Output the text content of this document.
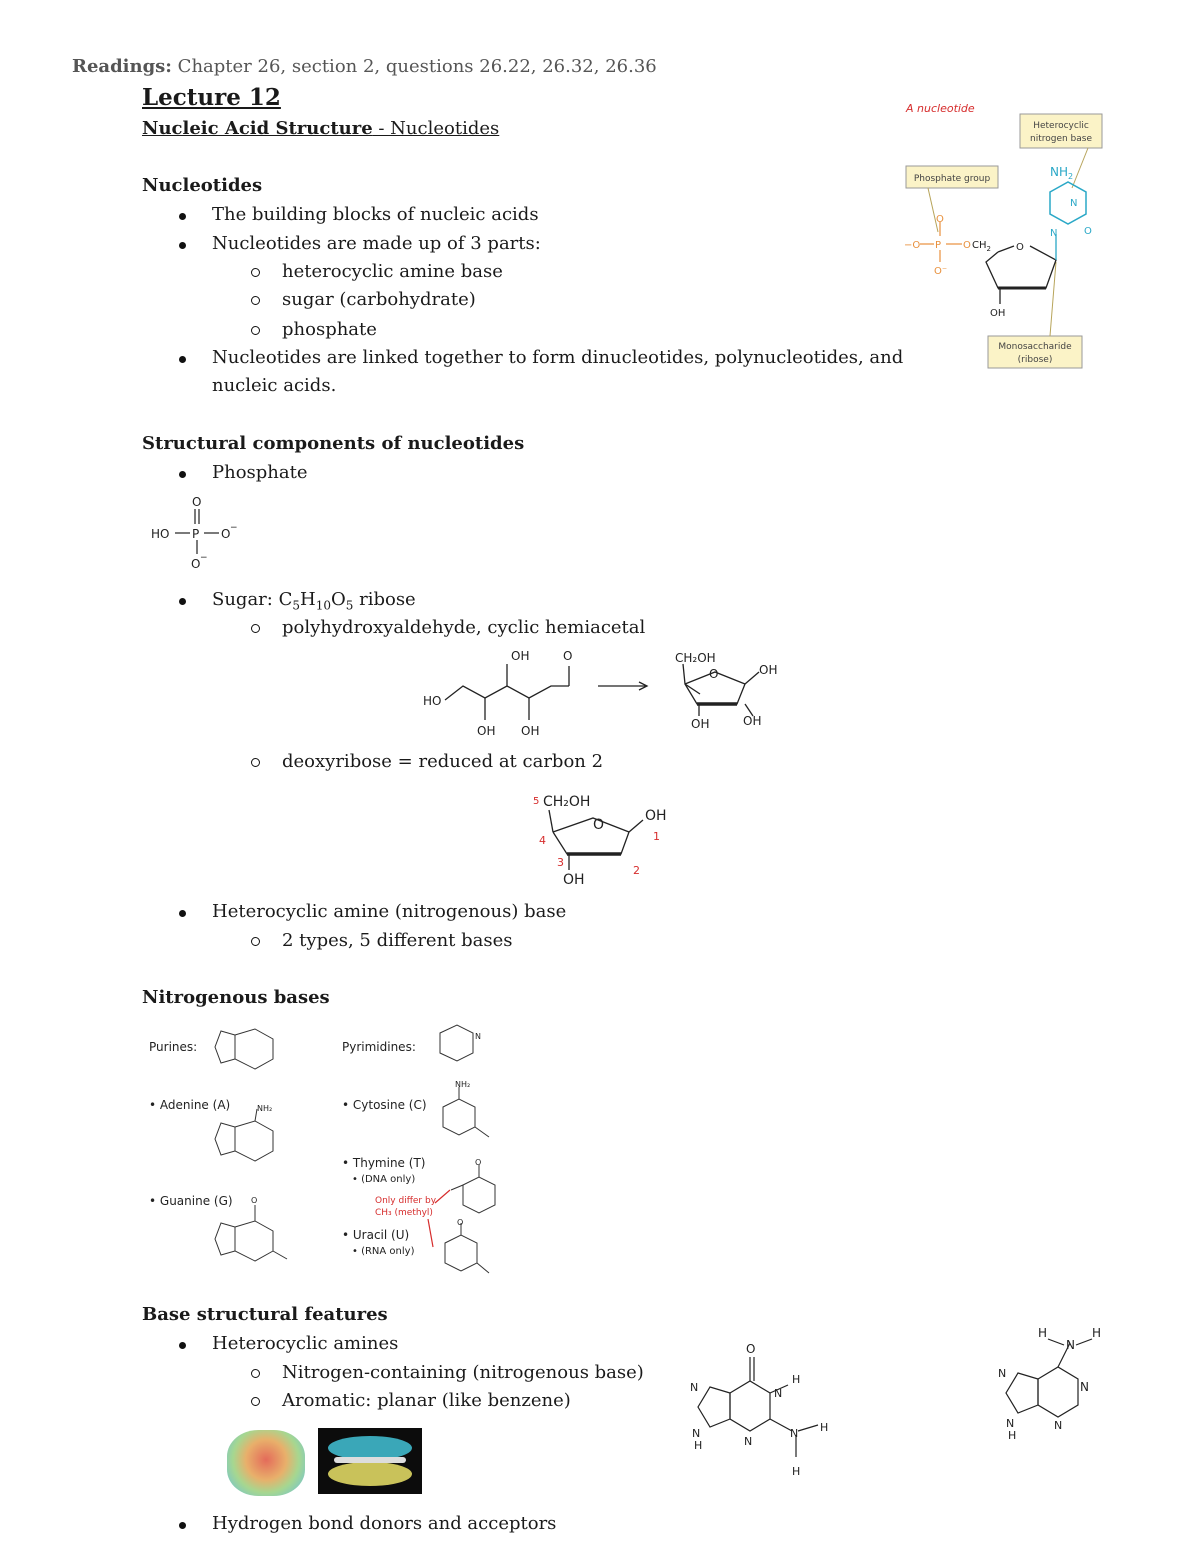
Readings: Chapter 26, section 2, questions 26.22, 26.32, 26.36
Lecture 12
Nucleic Acid Structure - Nucleotides
Nucleotides
The building blocks of nucleic acids
Nucleotides are made up of 3 parts:
heterocyclic amine base
sugar (carbohydrate)
phosphate
Nucleotides are linked together to form dinucleotides, polynucleotides, and
nucleic acids.
A nucleotide
Heterocyclic
nitrogen base
Phosphate group
Monosaccharide
(ribose)
$NH_2$
N
N	O
O
−O P
O⁻
O $CH_2$	O
OH
Structural components of nucleotides
Phosphate
O
HO P O −
O −
Sugar: $C_5H_{10}O_5$ ribose
polyhydroxyaldehyde, cyclic hemiacetal
OH	O
HO
OH OH
CH₂OH
O	OH
OH	OH
deoxyribose = reduced at carbon 2
5 CH₂OH
O
OH
1
4
3
2
OH
Heterocyclic amine (nitrogenous) base
2 types, 5 different bases
Nitrogenous bases
Purines:	Pyrimidines:
• Adenine (A)
• Guanine (G)
• Cytosine (C)
• Thymine (T)
• (DNA only)
• Uracil (U)
• (RNA only)
Only differ by
CH₃ (methyl)
NH₂
O
N
NH₂
O
O
Base structural features
Heterocyclic amines
Nitrogen-containing (nitrogenous base)
Aromatic: planar (like benzene)
O
N
N
H
N
H
N
N H
H
H
N
H
N
N
N
H
N
Hydrogen bond donors and acceptors
